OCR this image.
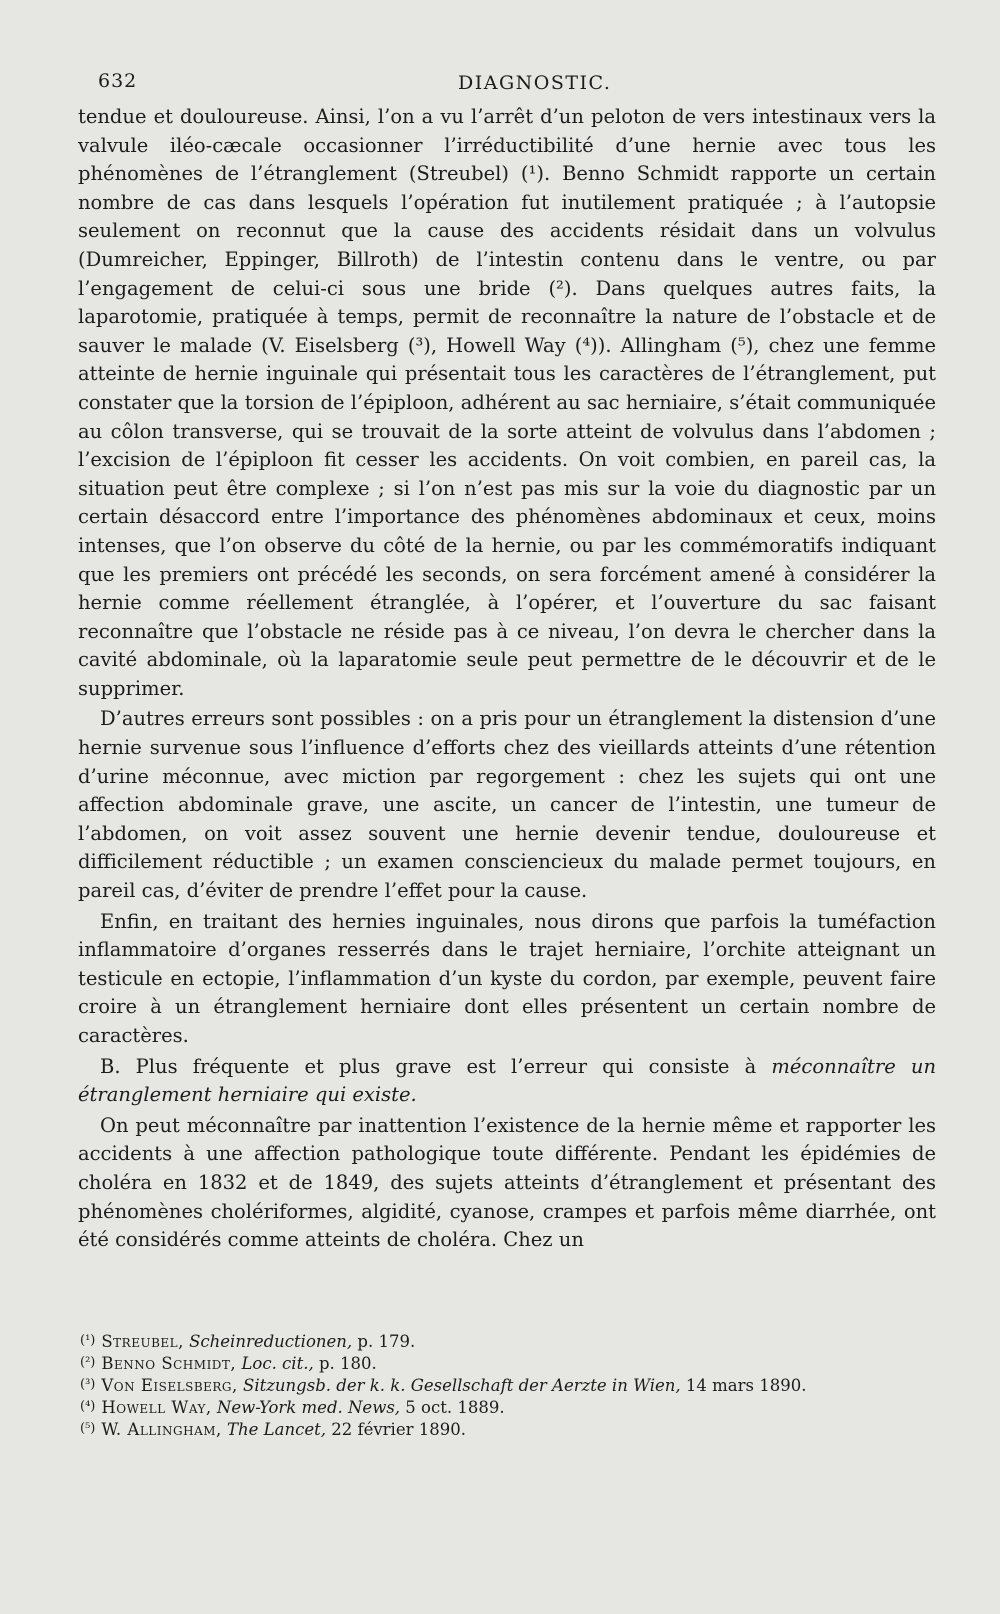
632	DIAGNOSTIC.

tendue et douloureuse. Ainsi, l’on a vu l’arrêt d’un peloton de vers intestinaux vers la valvule iléo-cæcale occasionner l’irréductibilité d’une hernie avec tous les phénomènes de l’étranglement (Streubel) (¹). Benno Schmidt rapporte un certain nombre de cas dans lesquels l’opération fut inutilement pratiquée ; à l’autopsie seulement on reconnut que la cause des accidents résidait dans un volvulus (Dumreicher, Eppinger, Billroth) de l’intestin contenu dans le ventre, ou par l’engagement de celui-ci sous une bride (²). Dans quelques autres faits, la laparotomie, pratiquée à temps, permit de reconnaître la nature de l’obstacle et de sauver le malade (V. Eiselsberg (³), Howell Way (⁴)). Allingham (⁵), chez une femme atteinte de hernie inguinale qui présentait tous les caractères de l’étranglement, put constater que la torsion de l’épiploon, adhérent au sac herniaire, s’était communiquée au côlon transverse, qui se trouvait de la sorte atteint de volvulus dans l’abdomen ; l’excision de l’épiploon fit cesser les accidents. On voit combien, en pareil cas, la situation peut être complexe ; si l’on n’est pas mis sur la voie du diagnostic par un certain désaccord entre l’importance des phénomènes abdominaux et ceux, moins intenses, que l’on observe du côté de la hernie, ou par les commémoratifs indiquant que les premiers ont précédé les seconds, on sera forcément amené à considérer la hernie comme réellement étranglée, à l’opérer, et l’ouverture du sac faisant reconnaître que l’obstacle ne réside pas à ce niveau, l’on devra le chercher dans la cavité abdominale, où la laparatomie seule peut permettre de le découvrir et de le supprimer.

D’autres erreurs sont possibles : on a pris pour un étranglement la distension d’une hernie survenue sous l’influence d’efforts chez des vieillards atteints d’une rétention d’urine méconnue, avec miction par regorgement : chez les sujets qui ont une affection abdominale grave, une ascite, un cancer de l’intestin, une tumeur de l’abdomen, on voit assez souvent une hernie devenir tendue, douloureuse et difficilement réductible ; un examen consciencieux du malade permet toujours, en pareil cas, d’éviter de prendre l’effet pour la cause.

Enfin, en traitant des hernies inguinales, nous dirons que parfois la tuméfaction inflammatoire d’organes resserrés dans le trajet herniaire, l’orchite atteignant un testicule en ectopie, l’inflammation d’un kyste du cordon, par exemple, peuvent faire croire à un étranglement herniaire dont elles présentent un certain nombre de caractères.

B. Plus fréquente et plus grave est l’erreur qui consiste à méconnaître un étranglement herniaire qui existe.

On peut méconnaître par inattention l’existence de la hernie même et rapporter les accidents à une affection pathologique toute différente. Pendant les épidémies de choléra en 1832 et de 1849, des sujets atteints d’étranglement et présentant des phénomènes cholériformes, algidité, cyanose, crampes et parfois même diarrhée, ont été considérés comme atteints de choléra. Chez un

(¹) Streubel, Scheinreductionen, p. 179.
(²) Benno Schmidt, Loc. cit., p. 180.
(³) Von Eiselsberg, Sitzungsb. der k. k. Gesellschaft der Aerzte in Wien, 14 mars 1890.
(⁴) Howell Way, New-York med. News, 5 oct. 1889.
(⁵) W. Allingham, The Lancet, 22 février 1890.
